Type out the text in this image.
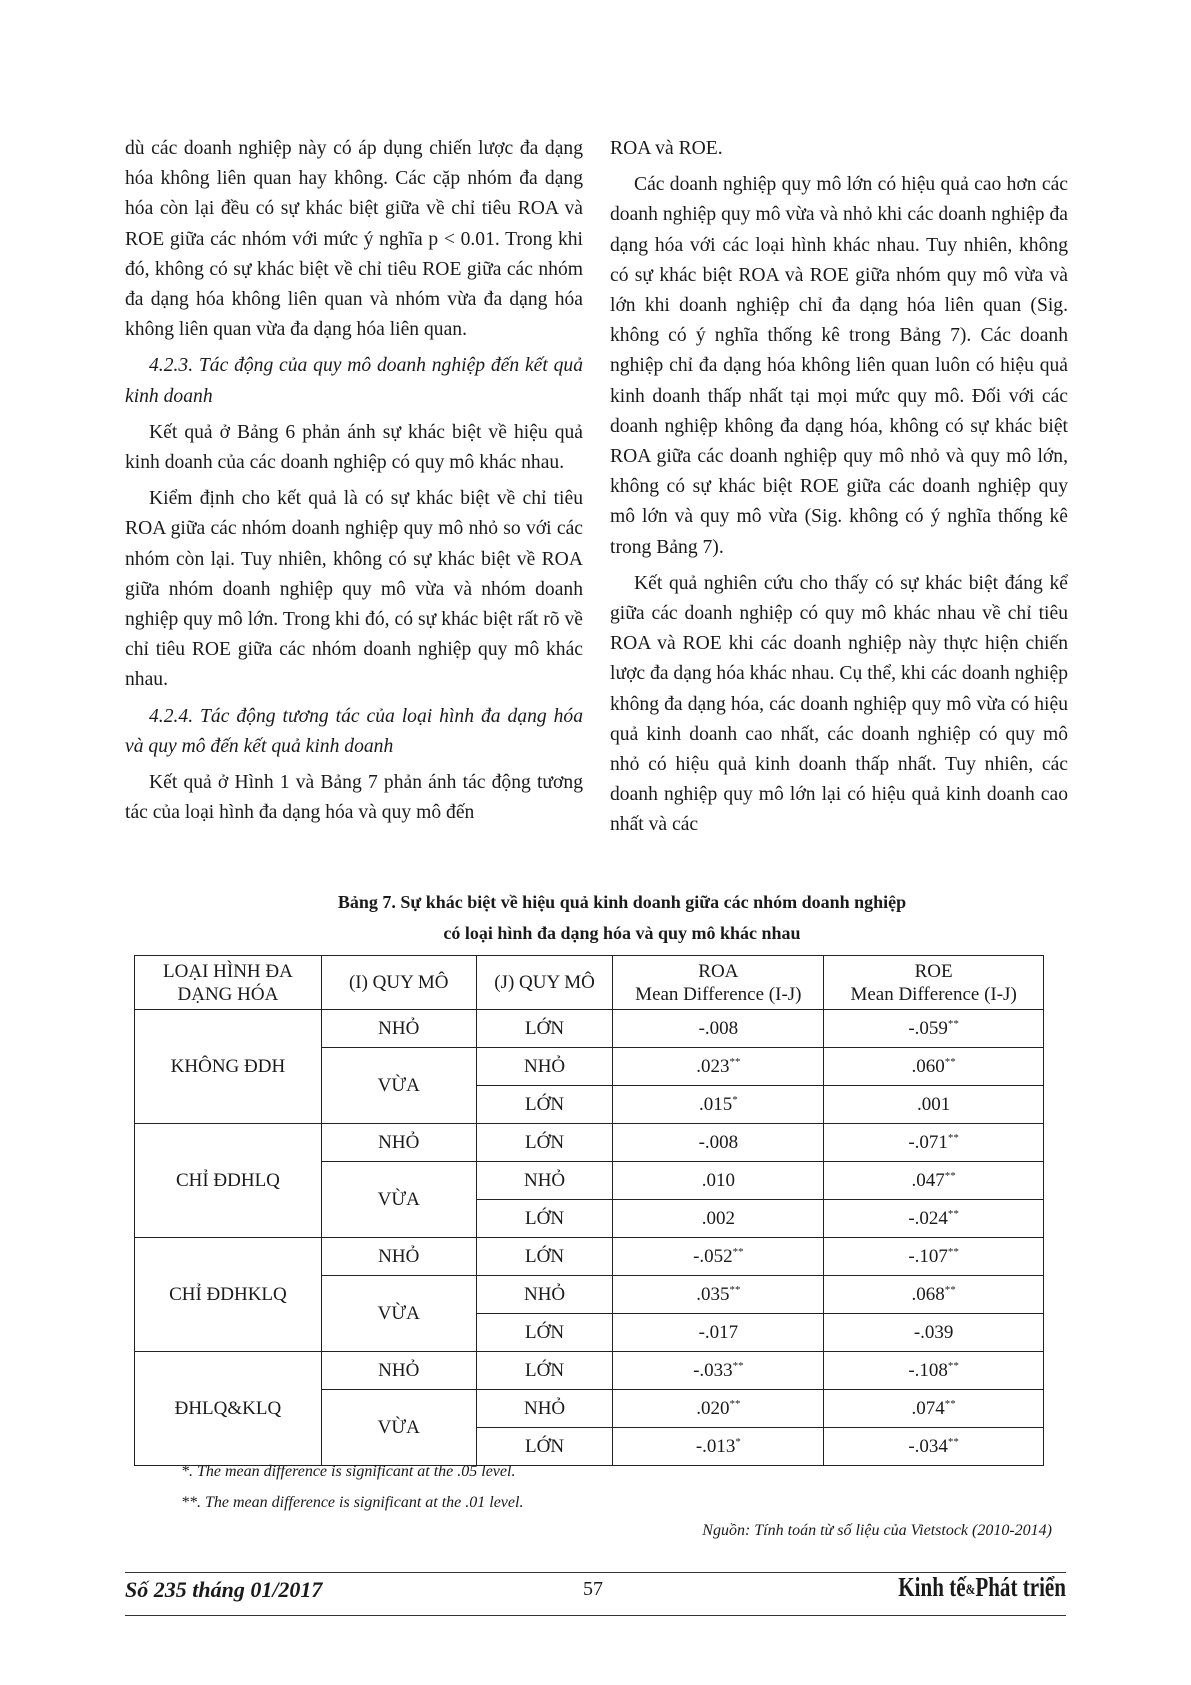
dù các doanh nghiệp này có áp dụng chiến lược đa dạng hóa không liên quan hay không. Các cặp nhóm đa dạng hóa còn lại đều có sự khác biệt giữa về chỉ tiêu ROA và ROE giữa các nhóm với mức ý nghĩa p < 0.01. Trong khi đó, không có sự khác biệt về chỉ tiêu ROE giữa các nhóm đa dạng hóa không liên quan và nhóm vừa đa dạng hóa không liên quan vừa đa dạng hóa liên quan.

4.2.3. Tác động của quy mô doanh nghiệp đến kết quả kinh doanh

Kết quả ở Bảng 6 phản ánh sự khác biệt về hiệu quả kinh doanh của các doanh nghiệp có quy mô khác nhau.

Kiểm định cho kết quả là có sự khác biệt về chỉ tiêu ROA giữa các nhóm doanh nghiệp quy mô nhỏ so với các nhóm còn lại. Tuy nhiên, không có sự khác biệt về ROA giữa nhóm doanh nghiệp quy mô vừa và nhóm doanh nghiệp quy mô lớn. Trong khi đó, có sự khác biệt rất rõ về chỉ tiêu ROE giữa các nhóm doanh nghiệp quy mô khác nhau.

4.2.4. Tác động tương tác của loại hình đa dạng hóa và quy mô đến kết quả kinh doanh

Kết quả ở Hình 1 và Bảng 7 phản ánh tác động tương tác của loại hình đa dạng hóa và quy mô đến

ROA và ROE.

Các doanh nghiệp quy mô lớn có hiệu quả cao hơn các doanh nghiệp quy mô vừa và nhỏ khi các doanh nghiệp đa dạng hóa với các loại hình khác nhau. Tuy nhiên, không có sự khác biệt ROA và ROE giữa nhóm quy mô vừa và lớn khi doanh nghiệp chỉ đa dạng hóa liên quan (Sig. không có ý nghĩa thống kê trong Bảng 7). Các doanh nghiệp chỉ đa dạng hóa không liên quan luôn có hiệu quả kinh doanh thấp nhất tại mọi mức quy mô. Đối với các doanh nghiệp không đa dạng hóa, không có sự khác biệt ROA giữa các doanh nghiệp quy mô nhỏ và quy mô lớn, không có sự khác biệt ROE giữa các doanh nghiệp quy mô lớn và quy mô vừa (Sig. không có ý nghĩa thống kê trong Bảng 7).

Kết quả nghiên cứu cho thấy có sự khác biệt đáng kể giữa các doanh nghiệp có quy mô khác nhau về chỉ tiêu ROA và ROE khi các doanh nghiệp này thực hiện chiến lược đa dạng hóa khác nhau. Cụ thể, khi các doanh nghiệp không đa dạng hóa, các doanh nghiệp quy mô vừa có hiệu quả kinh doanh cao nhất, các doanh nghiệp có quy mô nhỏ có hiệu quả kinh doanh thấp nhất. Tuy nhiên, các doanh nghiệp quy mô lớn lại có hiệu quả kinh doanh cao nhất và các

Bảng 7. Sự khác biệt về hiệu quả kinh doanh giữa các nhóm doanh nghiệp
có loại hình đa dạng hóa và quy mô khác nhau
LOẠI HÌNH ĐA
DẠNG HÓA	(I) QUY MÔ	(J) QUY MÔ	ROA
Mean Difference (I-J)	ROE
Mean Difference (I-J)
KHÔNG ĐDH	NHỎ	LỚN	-.008	-.059**
	VỪA	NHỎ	.023**	.060**
		LỚN	.015*	.001
CHỈ ĐDHLQ	NHỎ	LỚN	-.008	-.071**
	VỪA	NHỎ	.010	.047**
		LỚN	.002	-.024**
CHỈ ĐDHKLQ	NHỎ	LỚN	-.052**	-.107**
	VỪA	NHỎ	.035**	.068**
		LỚN	-.017	-.039
ĐHLQ&KLQ	NHỎ	LỚN	-.033**	-.108**
	VỪA	NHỎ	.020**	.074**
		LỚN	-.013*	-.034**
*. The mean difference is significant at the .05 level.
**. The mean difference is significant at the .01 level.
Nguồn: Tính toán từ số liệu của Vietstock (2010-2014)
Số 235 tháng 01/2017	57	Kinh tế&Phát triển
